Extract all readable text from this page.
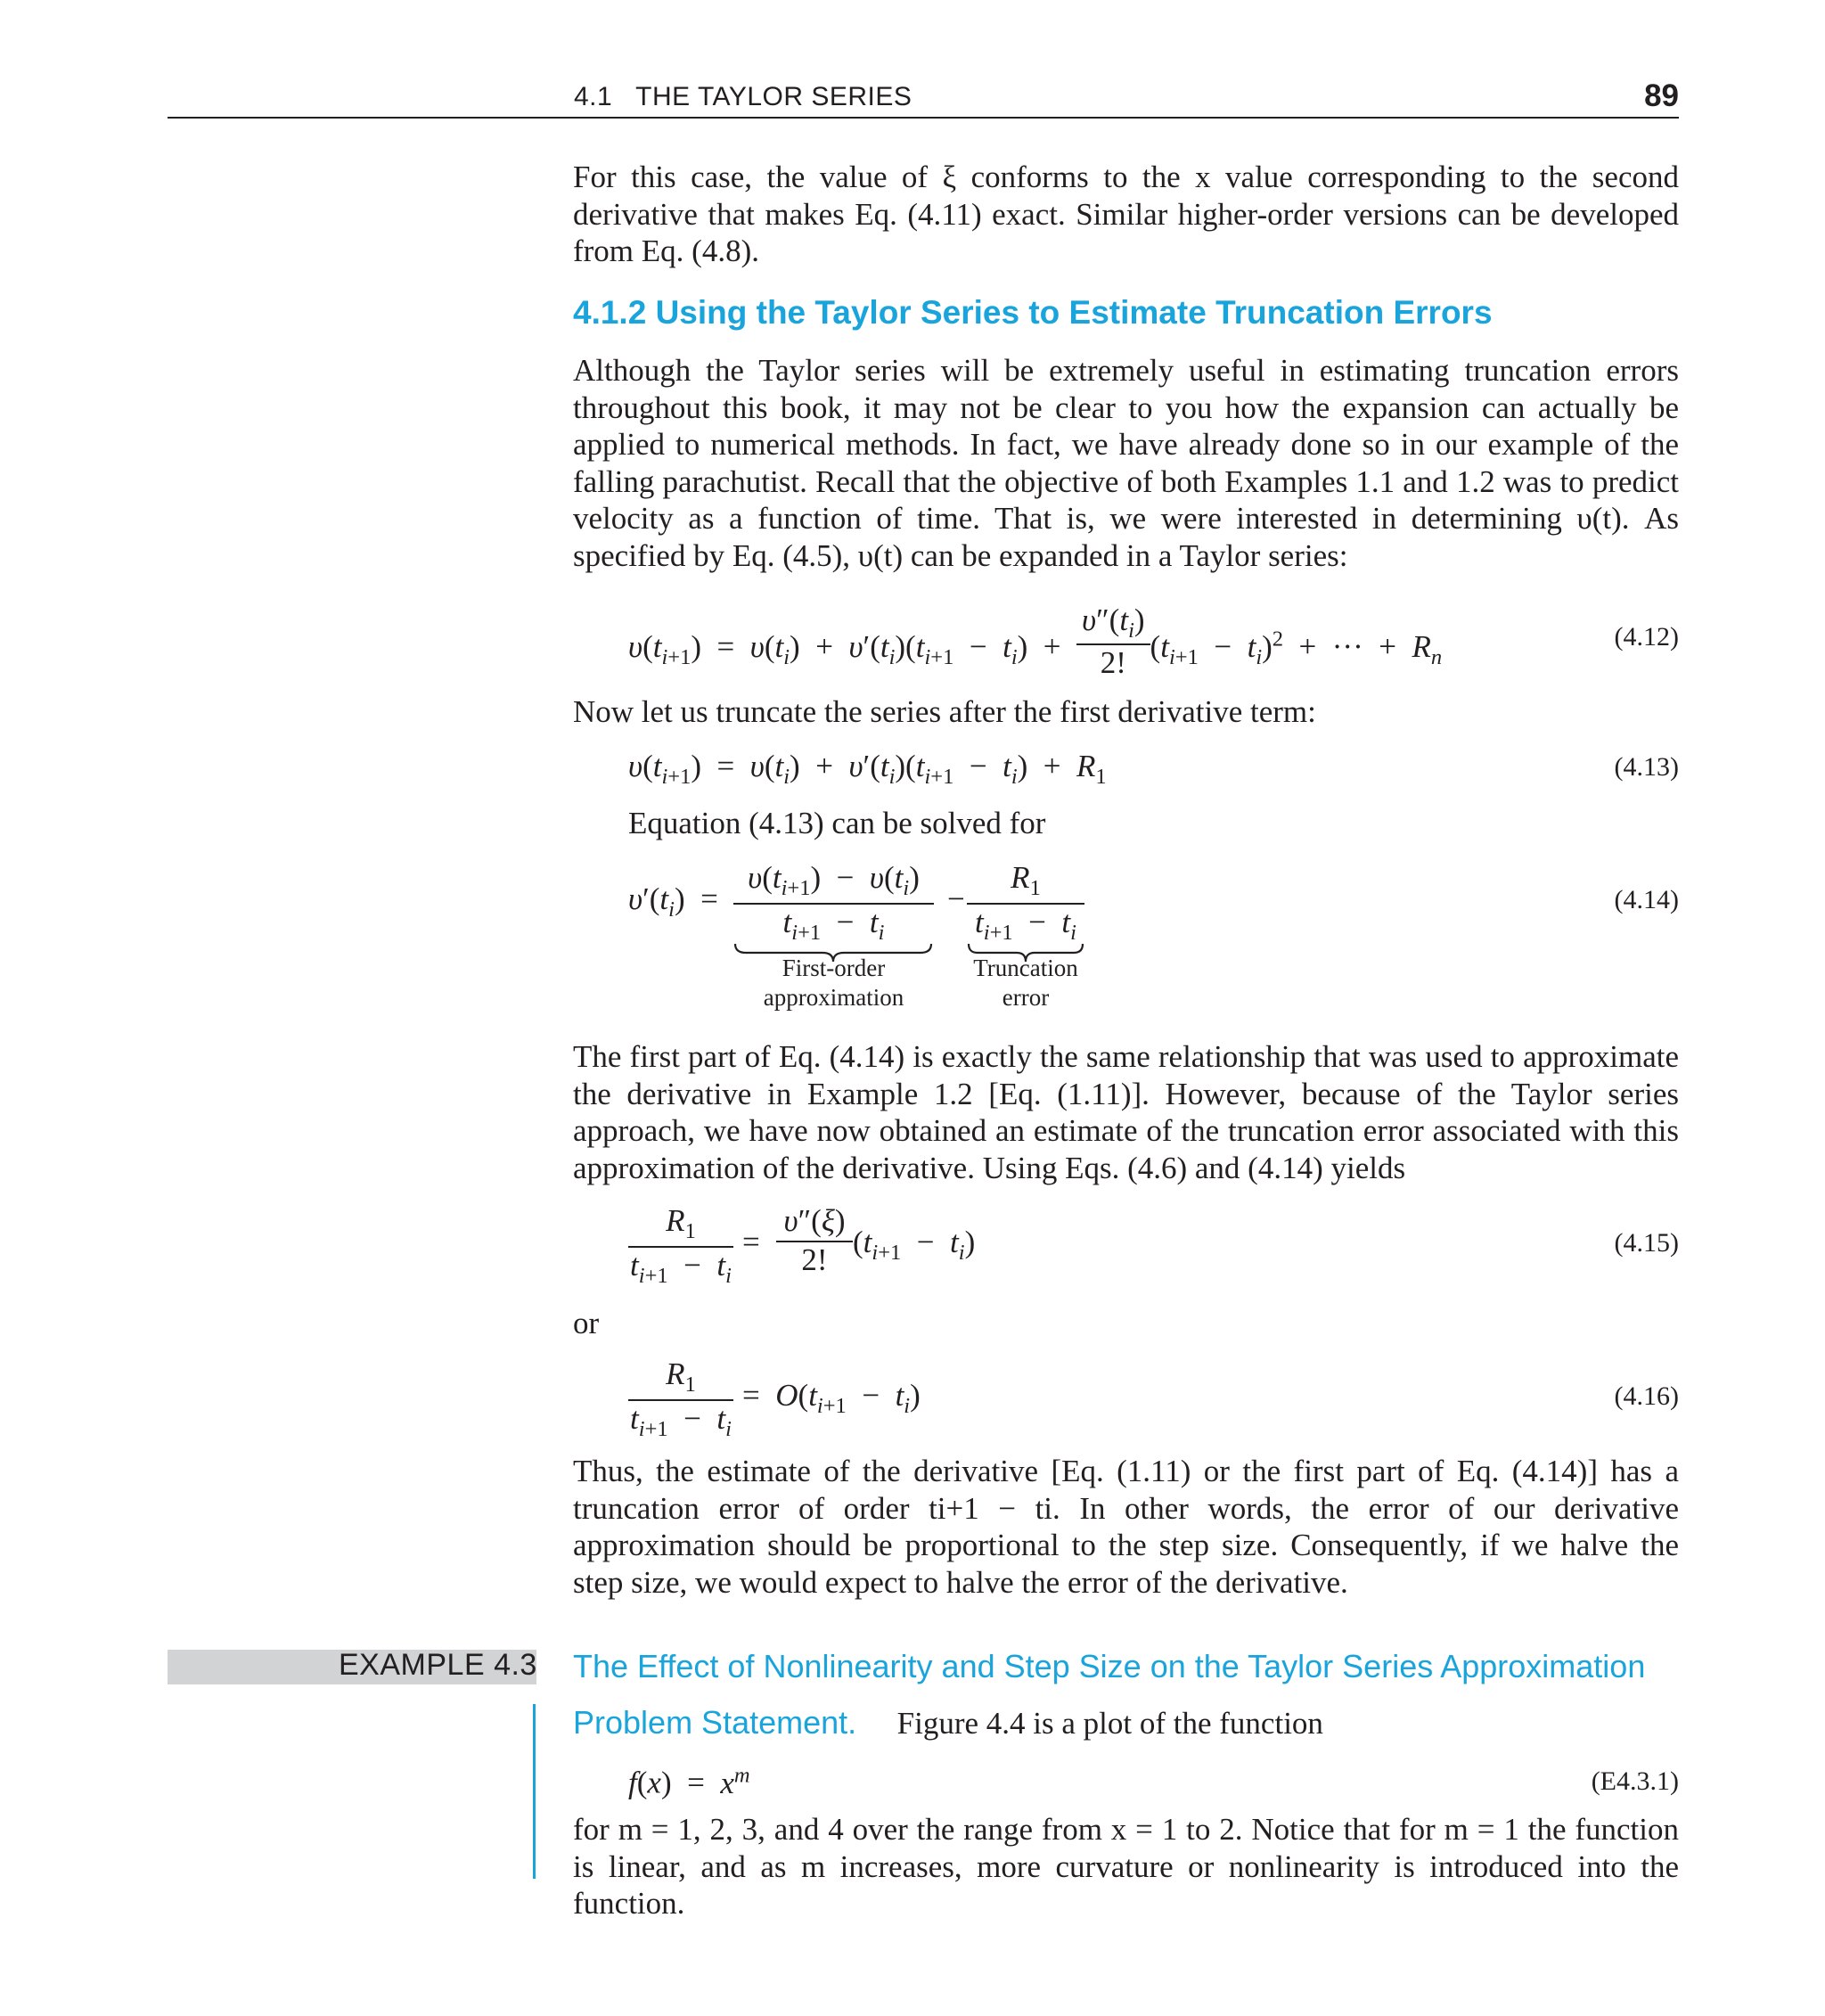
4.1   THE TAYLOR SERIES	89
For this case, the value of ξ conforms to the x value corresponding to the second derivative that makes Eq. (4.11) exact. Similar higher-order versions can be developed from Eq. (4.8).
4.1.2 Using the Taylor Series to Estimate Truncation Errors
Although the Taylor series will be extremely useful in estimating truncation errors throughout this book, it may not be clear to you how the expansion can actually be applied to numerical methods. In fact, we have already done so in our example of the falling parachutist. Recall that the objective of both Examples 1.1 and 1.2 was to predict velocity as a function of time. That is, we were interested in determining υ(t). As specified by Eq. (4.5), υ(t) can be expanded in a Taylor series:
$\upsilon(t_{i+1}) = \upsilon(t_i) + \upsilon'(t_i)(t_{i+1} - t_i) + \frac{\upsilon''(t_i)}{2!} (t_{i+1} - t_i)^2$  +  ···  +  $R_n$
(4.12)
Now let us truncate the series after the first derivative term:
$\upsilon(t_{i+1}) = \upsilon(t_i) + \upsilon'(t_i)(t_{i+1} - t_i) + R_1$	(4.13)
Equation (4.13) can be solved for
$\upsilon'(t_i)$  =
$\upsilon(t_{i+1}) - \upsilon(t_i)$
$t_{i+1} - t_i$
−
$R_1$
$t_{i+1} - t_i$
First-order
approximation
Truncation
error
(4.14)
The first part of Eq. (4.14) is exactly the same relationship that was used to approximate the derivative in Example 1.2 [Eq. (1.11)]. However, because of the Taylor series approach, we have now obtained an estimate of the truncation error associated with this approximation of the derivative. Using Eqs. (4.6) and (4.14) yields
$R_1$
$t_{i+1} - t_i$
=
υ″(ξ)
2!
$(t_{i+1} - t_i)$	(4.15)
or
$R_1$
$t_{i+1} - t_i$
=  $O(t_{i+1} - t_i)$	(4.16)
Thus, the estimate of the derivative [Eq. (1.11) or the first part of Eq. (4.14)] has a truncation error of order ti+1 − ti. In other words, the error of our derivative approximation should be proportional to the step size. Consequently, if we halve the step size, we would expect to halve the error of the derivative.
EXAMPLE 4.3 The Effect of Nonlinearity and Step Size on the Taylor Series Approximation
Problem Statement. Figure 4.4 is a plot of the function
$f(x) = x^m$	(E4.3.1)
for m = 1, 2, 3, and 4 over the range from x = 1 to 2. Notice that for m = 1 the function is linear, and as m increases, more curvature or nonlinearity is introduced into the function.
